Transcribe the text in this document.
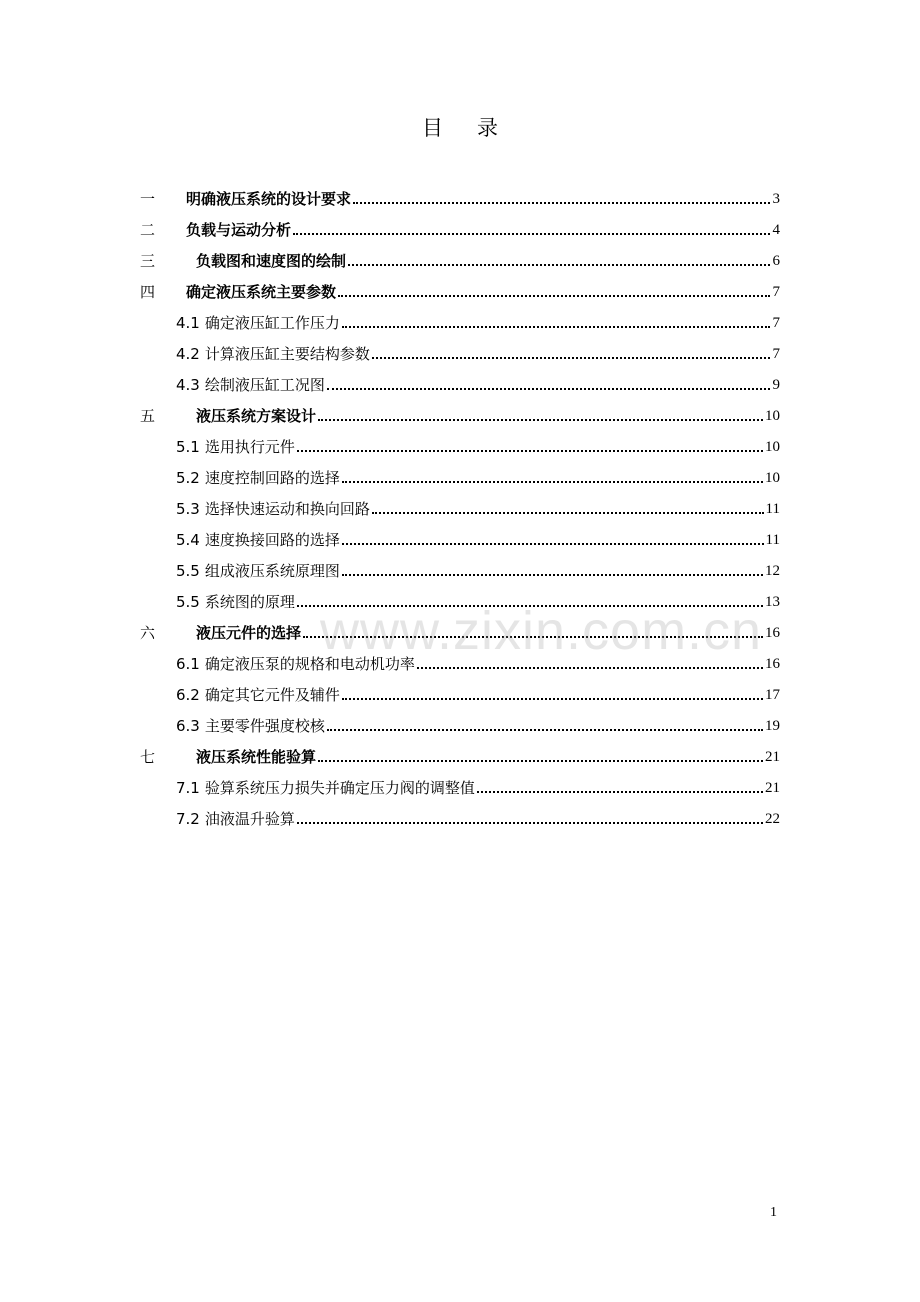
目录
一	明确液压系统的设计要求	3
二	负载与运动分析	4
三	负载图和速度图的绘制	6
四	确定液压系统主要参数	7
4.1 确定液压缸工作压力	7
4.2 计算液压缸主要结构参数	7
4.3 绘制液压缸工况图	9
五	液压系统方案设计	10
5.1 选用执行元件	10
5.2 速度控制回路的选择	10
5.3 选择快速运动和换向回路	11
5.4 速度换接回路的选择	11
5.5 组成液压系统原理图	12
5.5 系统图的原理	13
六	液压元件的选择	16
6.1 确定液压泵的规格和电动机功率	16
6.2 确定其它元件及辅件	17
6.3 主要零件强度校核	19
七	液压系统性能验算	21
7.1 验算系统压力损失并确定压力阀的调整值	21
7.2 油液温升验算	22
www.zixin.com.cn
1
